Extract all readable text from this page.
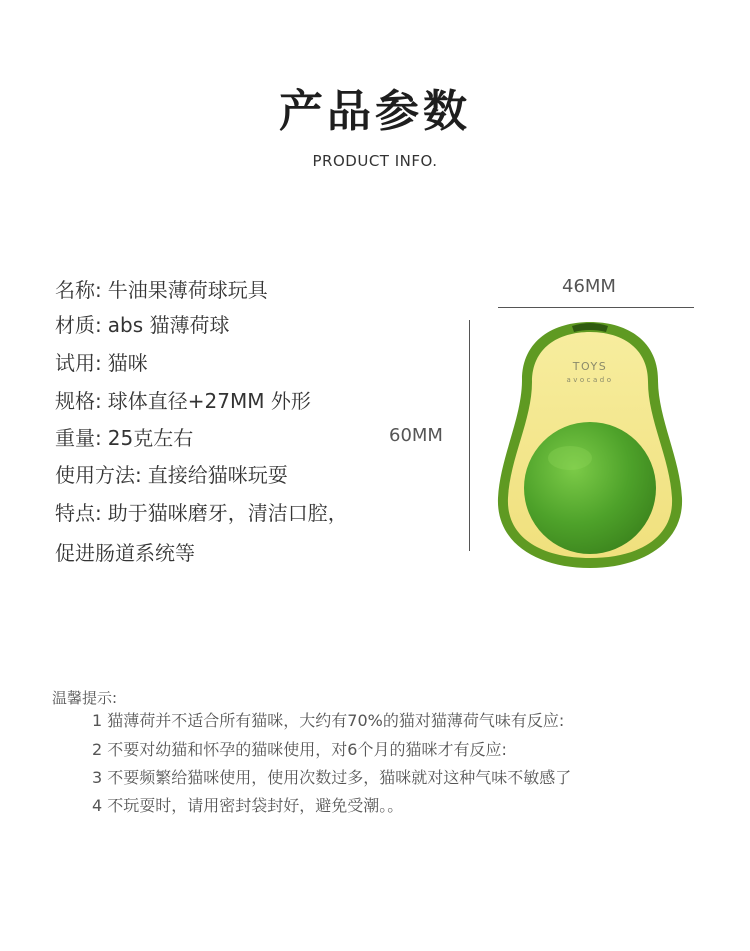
产品参数
PRODUCT INFO.
名称: 牛油果薄荷球玩具
材质: abs 猫薄荷球
试用: 猫咪
规格: 球体直径+27MM 外形
重量: 25克左右
使用方法: 直接给猫咪玩耍
特点: 助于猫咪磨牙，清洁口腔，
促进肠道系统等
46MM
60MM
TOYS
avocado
温馨提示:
1 猫薄荷并不适合所有猫咪，大约有70%的猫对猫薄荷气味有反应:
2 不要对幼猫和怀孕的猫咪使用，对6个月的猫咪才有反应:
3 不要频繁给猫咪使用，使用次数过多，猫咪就对这种气味不敏感了
4 不玩耍时，请用密封袋封好，避免受潮。。
